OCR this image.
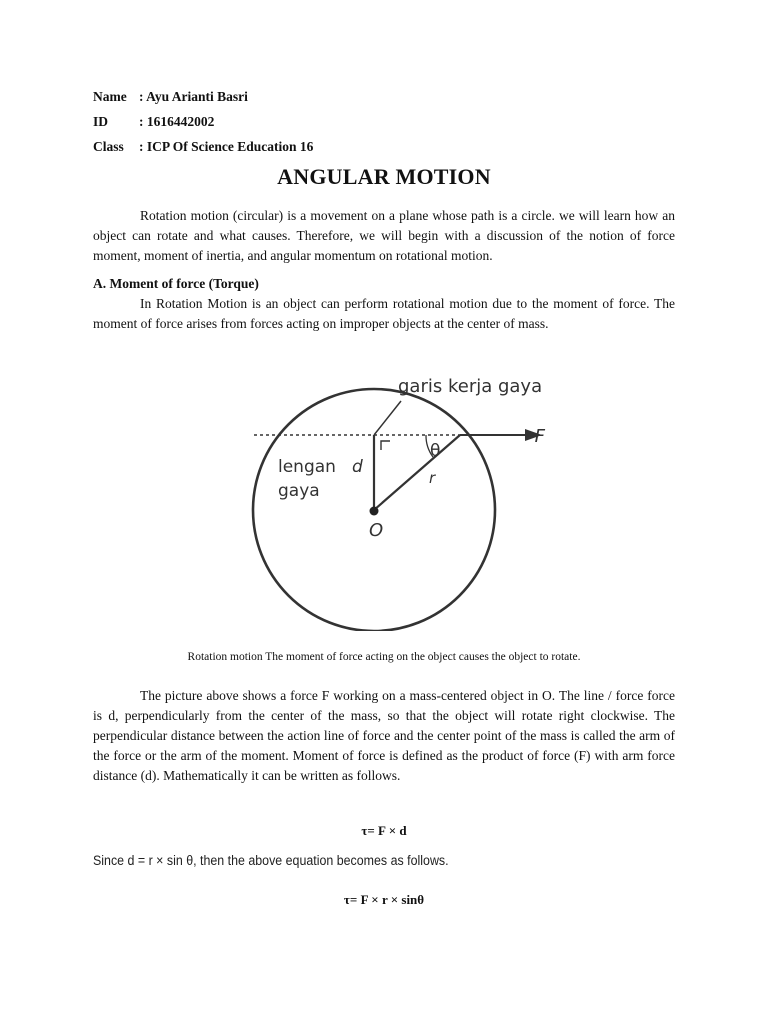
Name : Ayu Arianti Basri
ID : 1616442002
Class : ICP Of Science Education 16
ANGULAR MOTION

Rotation motion (circular) is a movement on a plane whose path is a circle. we will learn how an object can rotate and what causes. Therefore, we will begin with a discussion of the notion of force moment, moment of inertia, and angular momentum on rotational motion.

A. Moment of force (Torque)

In Rotation Motion is an object can perform rotational motion due to the moment of force. The moment of force arises from forces acting on improper objects at the center of mass.

garis kerja gaya
lengan
gaya
d
r
θ
O
F
Rotation motion The moment of force acting on the object causes the object to rotate.

The picture above shows a force F working on a mass-centered object in O. The line / force force is d, perpendicularly from the center of the mass, so that the object will rotate right clockwise. The perpendicular distance between the action line of force and the center point of the mass is called the arm of the force or the arm of the moment. Moment of force is defined as the product of force (F) with arm force distance (d). Mathematically it can be written as follows.

τ= F × d
Since d = r × sin θ, then the above equation becomes as follows.
τ= F × r × sinθ
